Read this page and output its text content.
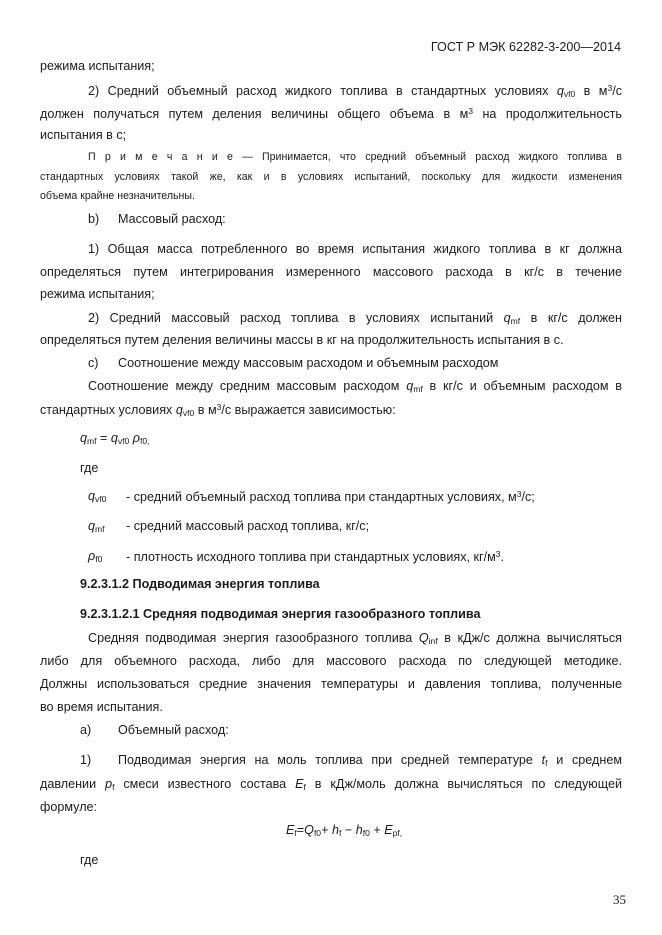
ГОСТ Р МЭК 62282-3-200—2014
режима испытания;
2) Средний объемный расход жидкого топлива в стандартных условиях $q_{vf0}$ в $м^3/с$
должен получаться путем деления величины общего объема в $м^3$ на продолжительность
испытания в с;
П р и м е ч а н и е — Принимается, что средний объемный расход жидкого топлива в
стандартных условиях такой же, как и в условиях испытаний, поскольку для жидкости изменения
объема крайне незначительны.
b) Массовый расход:
1) Общая масса потребленного во время испытания жидкого топлива в кг должна
определяться путем интегрирования измеренного массового расхода в кг/с в течение
режима испытания;
2) Средний массовый расход топлива в условиях испытаний $q_{mf}$ в кг/с должен
определяться путем деления величины массы в кг на продолжительность испытания в с.
c) Соотношение между массовым расходом и объемным расходом
Соотношение между средним массовым расходом $q_{mf}$ в кг/с и объемным расходом в
стандартных условиях $q_{vf0}$ в $м^3/с$ выражается зависимостью:
$q_{mf} = q_{vf0}$ $\rho_{f0,}$
где
$q_{vf0}$ - средний объемный расход топлива при стандартных условиях, $м^3/с$;
$q_{mf}$ - средний массовый расход топлива, кг/с;
$\rho_{f0}$ - плотность исходного топлива при стандартных условиях, $кг/м^3$.
9.2.3.1.2 Подводимая энергия топлива
9.2.3.1.2.1 Средняя подводимая энергия газообразного топлива
Средняя подводимая энергия газообразного топлива $Q_{inf}$ в кДж/с должна вычисляться
либо для объемного расхода, либо для массового расхода по следующей методике.
Должны использоваться средние значения температуры и давления топлива, полученные
во время испытания.
а) Объемный расход:
1) Подводимая энергия на моль топлива при средней температуре $t_f$ и среднем
давлении $p_f$ смеси известного состава $E_f$ в кДж/моль должна вычисляться по следующей
формуле:
$E_f=Q_{f0}+ h_f - h_{f0} + E_{pf,}$
где
35
